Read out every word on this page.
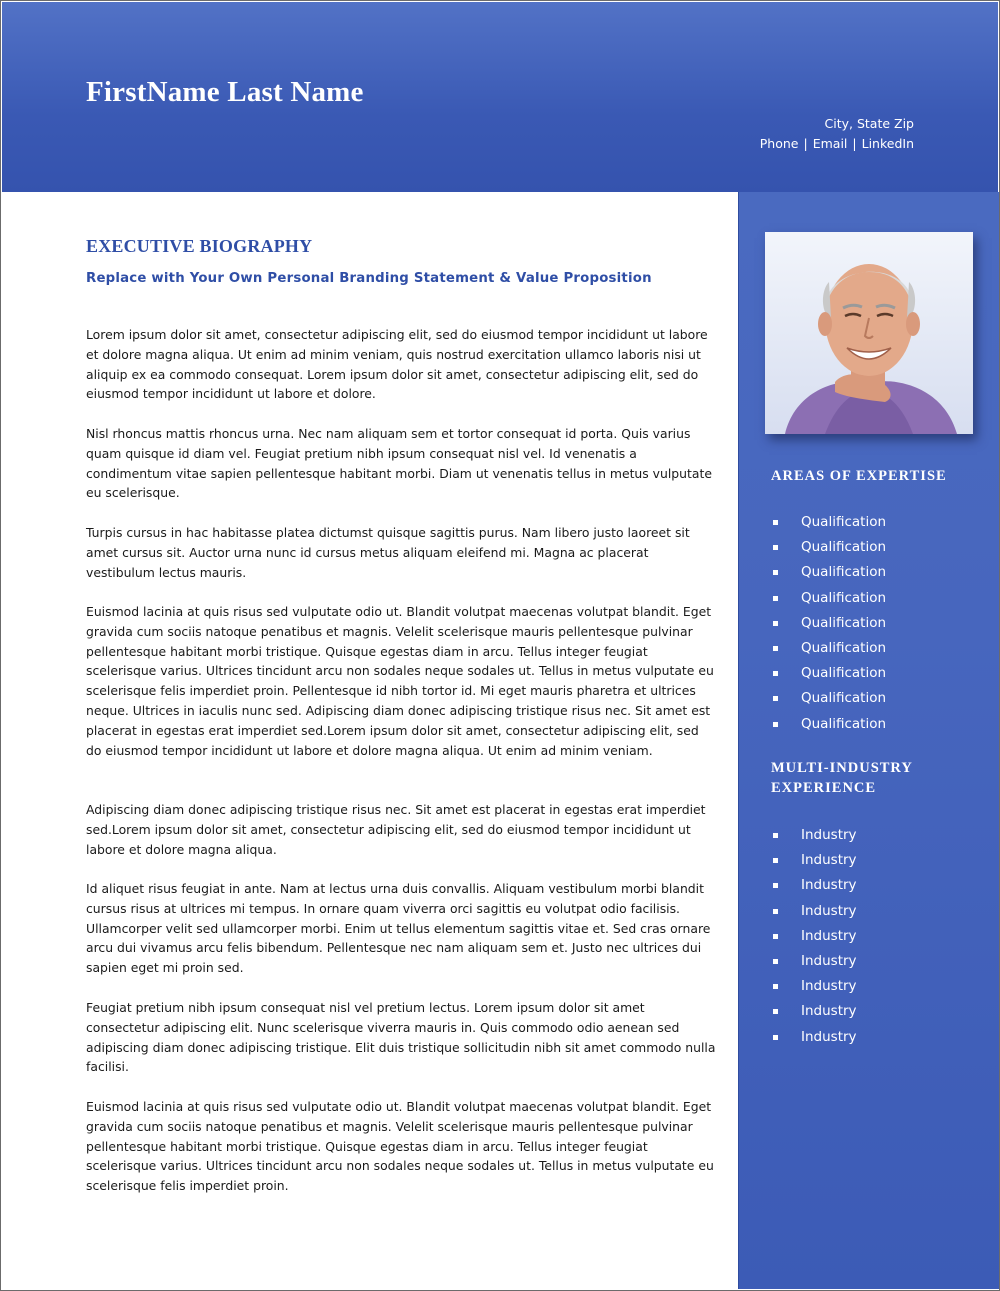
FirstName Last Name
City, State Zip
Phone | Email | LinkedIn
EXECUTIVE BIOGRAPHY

Replace with Your Own Personal Branding Statement & Value Proposition

Lorem ipsum dolor sit amet, consectetur adipiscing elit, sed do eiusmod tempor incididunt ut labore et dolore magna aliqua. Ut enim ad minim veniam, quis nostrud exercitation ullamco laboris nisi ut aliquip ex ea commodo consequat. Lorem ipsum dolor sit amet, consectetur adipiscing elit, sed do eiusmod tempor incididunt ut labore et dolore.

Nisl rhoncus mattis rhoncus urna. Nec nam aliquam sem et tortor consequat id porta. Quis varius quam quisque id diam vel. Feugiat pretium nibh ipsum consequat nisl vel. Id venenatis a condimentum vitae sapien pellentesque habitant morbi. Diam ut venenatis tellus in metus vulputate eu scelerisque.

Turpis cursus in hac habitasse platea dictumst quisque sagittis purus. Nam libero justo laoreet sit amet cursus sit. Auctor urna nunc id cursus metus aliquam eleifend mi. Magna ac placerat vestibulum lectus mauris.

Euismod lacinia at quis risus sed vulputate odio ut. Blandit volutpat maecenas volutpat blandit. Eget gravida cum sociis natoque penatibus et magnis. Velelit scelerisque mauris pellentesque pulvinar pellentesque habitant morbi tristique. Quisque egestas diam in arcu. Tellus integer feugiat scelerisque varius. Ultrices tincidunt arcu non sodales neque sodales ut. Tellus in metus vulputate eu scelerisque felis imperdiet proin. Pellentesque id nibh tortor id. Mi eget mauris pharetra et ultrices neque. Ultrices in iaculis nunc sed. Adipiscing diam donec adipiscing tristique risus nec. Sit amet est placerat in egestas erat imperdiet sed.Lorem ipsum dolor sit amet, consectetur adipiscing elit, sed do eiusmod tempor incididunt ut labore et dolore magna aliqua. Ut enim ad minim veniam.

Adipiscing diam donec adipiscing tristique risus nec. Sit amet est placerat in egestas erat imperdiet sed.Lorem ipsum dolor sit amet, consectetur adipiscing elit, sed do eiusmod tempor incididunt ut labore et dolore magna aliqua.

Id aliquet risus feugiat in ante. Nam at lectus urna duis convallis. Aliquam vestibulum morbi blandit cursus risus at ultrices mi tempus. In ornare quam viverra orci sagittis eu volutpat odio facilisis. Ullamcorper velit sed ullamcorper morbi. Enim ut tellus elementum sagittis vitae et. Sed cras ornare arcu dui vivamus arcu felis bibendum. Pellentesque nec nam aliquam sem et. Justo nec ultrices dui sapien eget mi proin sed.

Feugiat pretium nibh ipsum consequat nisl vel pretium lectus. Lorem ipsum dolor sit amet consectetur adipiscing elit. Nunc scelerisque viverra mauris in. Quis commodo odio aenean sed adipiscing diam donec adipiscing tristique. Elit duis tristique sollicitudin nibh sit amet commodo nulla facilisi.

Euismod lacinia at quis risus sed vulputate odio ut. Blandit volutpat maecenas volutpat blandit. Eget gravida cum sociis natoque penatibus et magnis. Velelit scelerisque mauris pellentesque pulvinar pellentesque habitant morbi tristique. Quisque egestas diam in arcu. Tellus integer feugiat scelerisque varius. Ultrices tincidunt arcu non sodales neque sodales ut. Tellus in metus vulputate eu scelerisque felis imperdiet proin.

AREAS OF EXPERTISE
Qualification
Qualification
Qualification
Qualification
Qualification
Qualification
Qualification
Qualification
Qualification
MULTI-INDUSTRY
EXPERIENCE
Industry
Industry
Industry
Industry
Industry
Industry
Industry
Industry
Industry
